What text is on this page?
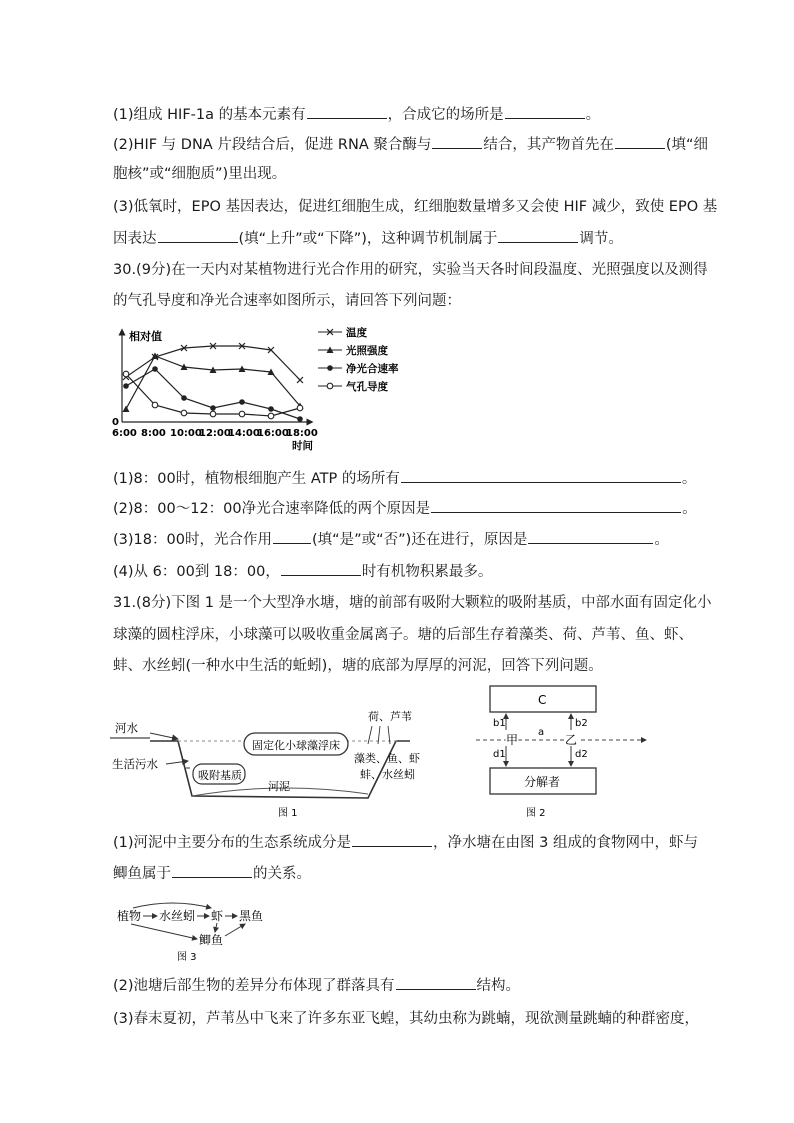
(1)组成 HIF-1a 的基本元素有	，合成它的场所是	。
(2)HIF 与 DNA 片段结合后，促进 RNA 聚合酶与	结合，其产物首先在	(填“细
胞核”或“细胞质”)里出现。
(3)低氧时，EPO 基因表达，促进红细胞生成，红细胞数量增多又会使 HIF 减少，致使 EPO 基
因表达	(填“上升”或“下降”)，这种调节机制属于	调节。
30.(9分)在一天内对某植物进行光合作用的研究，实验当天各时间段温度、光照强度以及测得
的气孔导度和净光合速率如图所示，请回答下列问题：
相对值
0
时间
6:00 8:00 10:00
12:00
14:00
16:00
18:00
温度
光照强度
净光合速率
气孔导度
(1)8：00时，植物根细胞产生 ATP 的场所有	。
(2)8：00～12：00净光合速率降低的两个原因是	。
(3)18：00时，光合作用	(填“是”或“否”)还在进行，原因是	。
(4)从 6：00到 18：00，	时有机物积累最多。
31.(8分)下图 1 是一个大型净水塘，塘的前部有吸附大颗粒的吸附基质，中部水面有固定化小
球藻的圆柱浮床，小球藻可以吸收重金属离子。塘的后部生存着藻类、荷、芦苇、鱼、虾、
蚌、水丝蚓(一种水中生活的蚯蚓)，塘的底部为厚厚的河泥，回答下列问题。
河水
生活污水
固定化小球藻浮床
吸附基质
河泥
荷、芦苇
藻类、鱼、虾
蚌、水丝蚓
图 1
C
分解者
甲	乙
a
b1
d1
b2
d2
图 2
(1)河泥中主要分布的生态系统成分是	，净水塘在由图 3 组成的食物网中，虾与
鲫鱼属于	的关系。
植物 水丝蚓 虾 黑鱼
鲫鱼
图 3
(2)池塘后部生物的差异分布体现了群落具有	结构。
(3)春末夏初，芦苇丛中飞来了许多东亚飞蝗，其幼虫称为跳蝻，现欲测量跳蝻的种群密度，
